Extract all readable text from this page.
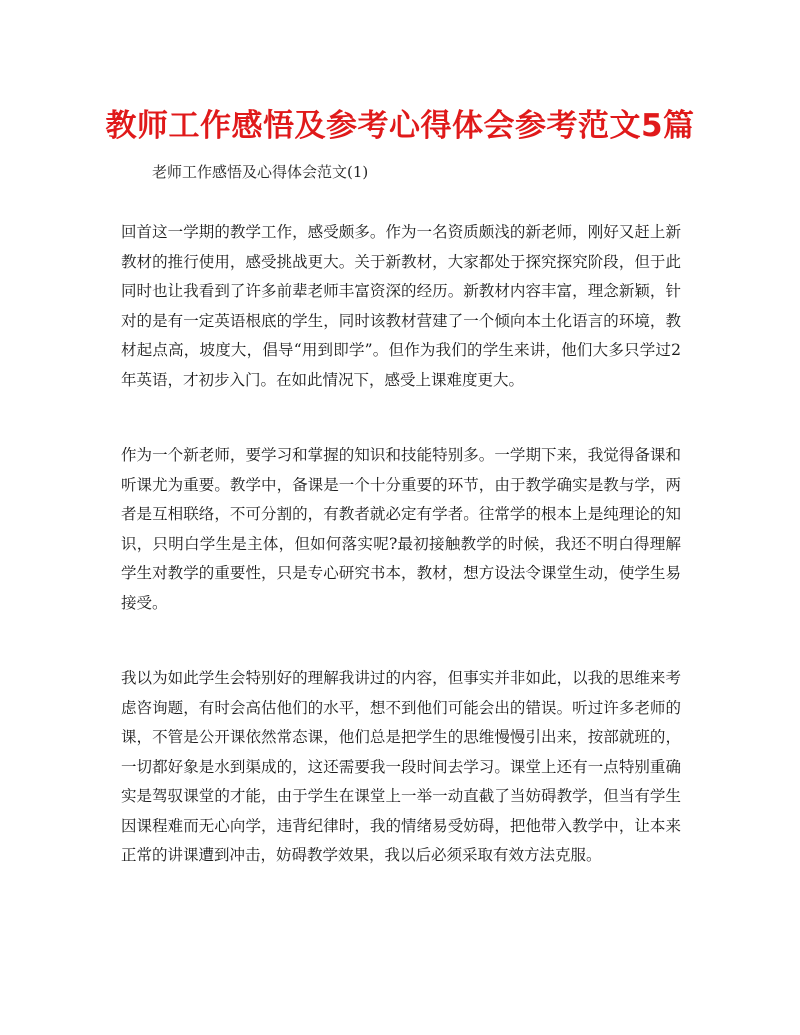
教师工作感悟及参考心得体会参考范文5篇

老师工作感悟及心得体会范文(1)

回首这一学期的教学工作，感受颇多。作为一名资质颇浅的新老师，刚好又赶上新教材的推行使用，感受挑战更大。关于新教材，大家都处于探究探究阶段，但于此同时也让我看到了许多前辈老师丰富资深的经历。新教材内容丰富，理念新颖，针对的是有一定英语根底的学生，同时该教材营建了一个倾向本土化语言的环境，教材起点高，坡度大，倡导“用到即学”。但作为我们的学生来讲，他们大多只学过2年英语，才初步入门。在如此情况下，感受上课难度更大。

作为一个新老师，要学习和掌握的知识和技能特别多。一学期下来，我觉得备课和听课尤为重要。教学中，备课是一个十分重要的环节，由于教学确实是教与学，两者是互相联络，不可分割的，有教者就必定有学者。往常学的根本上是纯理论的知识，只明白学生是主体，但如何落实呢?最初接触教学的时候，我还不明白得理解学生对教学的重要性，只是专心研究书本，教材，想方设法令课堂生动，使学生易接受。

我以为如此学生会特别好的理解我讲过的内容，但事实并非如此，以我的思维来考虑咨询题，有时会高估他们的水平，想不到他们可能会出的错误。听过许多老师的课，不管是公开课依然常态课，他们总是把学生的思维慢慢引出来，按部就班的，一切都好象是水到渠成的，这还需要我一段时间去学习。课堂上还有一点特别重确实是驾驭课堂的才能，由于学生在课堂上一举一动直截了当妨碍教学，但当有学生因课程难而无心向学，违背纪律时，我的情绪易受妨碍，把他带入教学中，让本来正常的讲课遭到冲击，妨碍教学效果，我以后必须采取有效方法克服。
